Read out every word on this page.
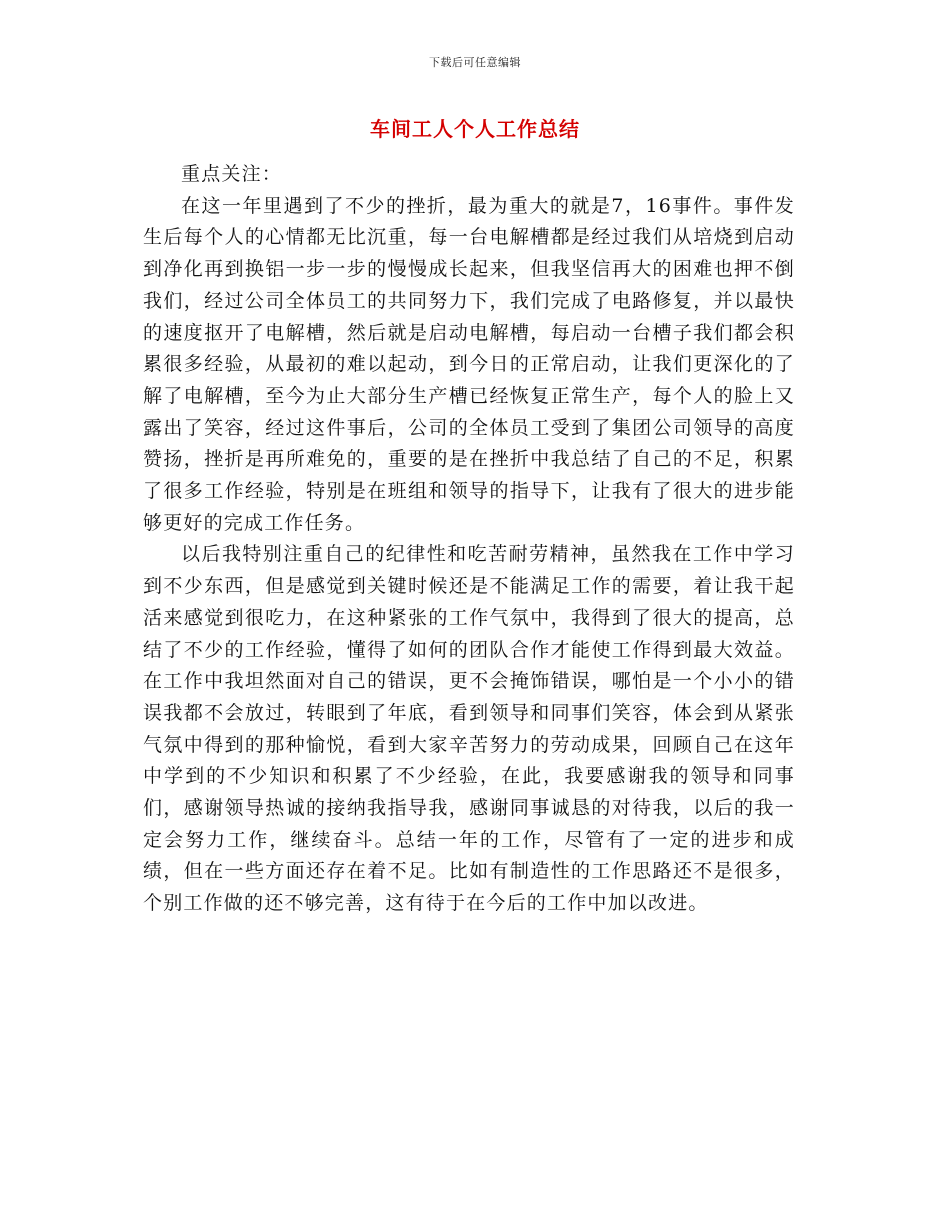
下载后可任意编辑
车间工人个人工作总结

重点关注：

在这一年里遇到了不少的挫折，最为重大的就是7，16事件。事件发生后每个人的心情都无比沉重，每一台电解槽都是经过我们从培烧到启动到净化再到换铝一步一步的慢慢成长起来，但我坚信再大的困难也押不倒我们，经过公司全体员工的共同努力下，我们完成了电路修复，并以最快的速度抠开了电解槽，然后就是启动电解槽，每启动一台槽子我们都会积累很多经验，从最初的难以起动，到今日的正常启动，让我们更深化的了解了电解槽，至今为止大部分生产槽已经恢复正常生产，每个人的脸上又露出了笑容，经过这件事后，公司的全体员工受到了集团公司领导的高度赞扬，挫折是再所难免的，重要的是在挫折中我总结了自己的不足，积累了很多工作经验，特别是在班组和领导的指导下，让我有了很大的进步能够更好的完成工作任务。

以后我特别注重自己的纪律性和吃苦耐劳精神，虽然我在工作中学习到不少东西，但是感觉到关键时候还是不能满足工作的需要，着让我干起活来感觉到很吃力，在这种紧张的工作气氛中，我得到了很大的提高，总结了不少的工作经验，懂得了如何的团队合作才能使工作得到最大效益。在工作中我坦然面对自己的错误，更不会掩饰错误，哪怕是一个小小的错误我都不会放过，转眼到了年底，看到领导和同事们笑容，体会到从紧张气氛中得到的那种愉悦，看到大家辛苦努力的劳动成果，回顾自己在这年中学到的不少知识和积累了不少经验，在此，我要感谢我的领导和同事们，感谢领导热诚的接纳我指导我，感谢同事诚恳的对待我，以后的我一定会努力工作，继续奋斗。总结一年的工作，尽管有了一定的进步和成绩，但在一些方面还存在着不足。比如有制造性的工作思路还不是很多，个别工作做的还不够完善，这有待于在今后的工作中加以改进。
